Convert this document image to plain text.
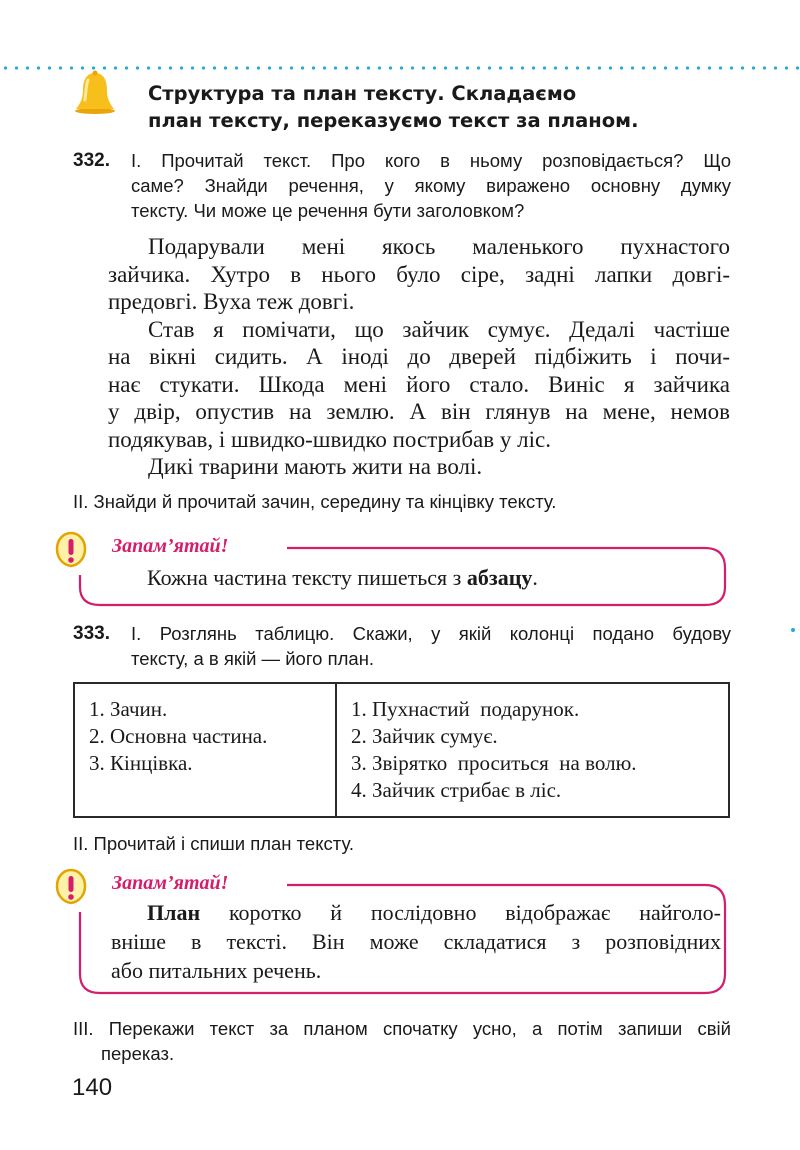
Структура та план тексту. Складаємо
план тексту, переказуємо текст за планом.
332. I. Прочитай текст. Про кого в ньому розповідається? Що
саме? Знайди речення, у якому виражено основну думку
тексту. Чи може це речення бути заголовком?
Подарували мені якось маленького пухнастого
зайчика. Хутро в нього було сіре, задні лапки довгі-
предовгі. Вуха теж довгі.
Став я помічати, що зайчик сумує. Дедалі частіше
на вікні сидить. А іноді до дверей підбіжить і почи-
нає стукати. Шкода мені його стало. Виніс я зайчика
у двір, опустив на землю. А він глянув на мене, немов
подякував, і швидко-швидко пострибав у ліс.
Дикі тварини мають жити на волі.
II. Знайди й прочитай зачин, середину та кінцівку тексту.
Запам’ятай!
Кожна частина тексту пишеться з абзацу.
333. I. Розглянь таблицю. Скажи, у якій колонці подано будову
тексту, а в якій — його план.
1. Зачин.
2. Основна частина.
3. Кінцівка.

1. Пухнастий  подарунок.
2. Зайчик сумує.
3. Звірятко  проситься  на волю.
4. Зайчик стрибає в ліс.
II. Прочитай і спиши план тексту.
Запам’ятай!
План коротко й послідовно відображає найголо-
вніше в тексті. Він може складатися з розповідних
або питальних речень.
III. Перекажи текст за планом спочатку усно, а потім запиши свій
переказ.
140
